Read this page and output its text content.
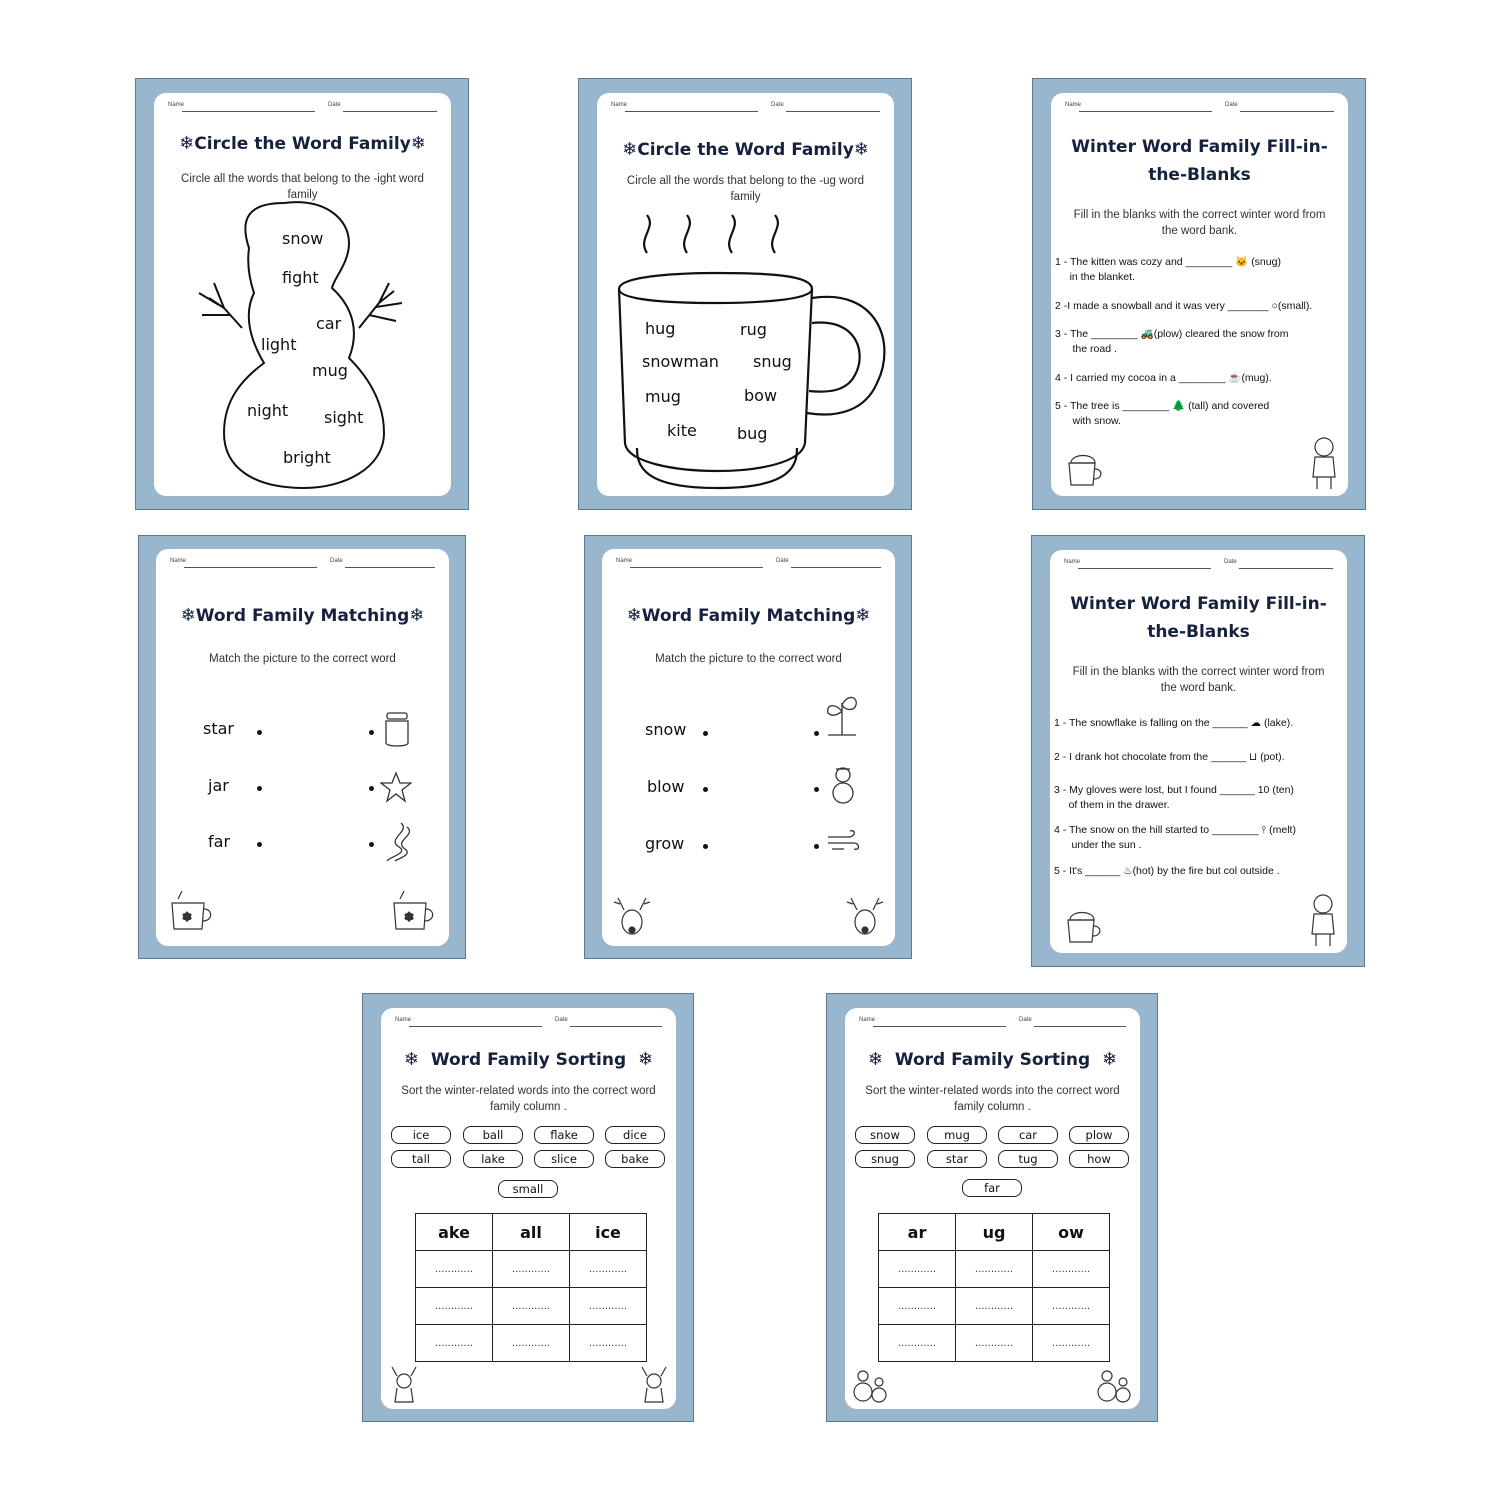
Name	Date
❄Circle the Word Family❄
Circle all the words that belong to the -ight word family
snow
fight
car
light
mug
night sight
bright
Name	Date
❄Circle the Word Family❄
Circle all the words that belong to the -ug word family
hug	rug
snowman snug
mug	bow
kite	bug
Name	Date
Winter Word Family Fill-in-the-Blanks
Fill in the blanks with the correct winter word from the word bank.
1 - The kitten was cozy and ________ 🐱 (snug)
in the blanket.
2 -I made a snowball and it was very _______ ○(small).
3 - The ________ 🚜(plow) cleared the snow from
the road .
4 - I carried my cocoa in a ________ ☕(mug).
5 - The tree is ________ 🌲 (tall) and covered
with snow.
Name	Date
❄Word Family Matching❄
Match the picture to the correct word
star
jar
far
❄	❄
Name	Date
❄Word Family Matching❄
Match the picture to the correct word
snow
blow
grow
Name	Date
Winter Word Family Fill-in-the-Blanks
Fill in the blanks with the correct winter word from the word bank.
1 - The snowflake is falling on the ______ ☁ (lake).
2 - I drank hot chocolate from the ______ ⊔ (pot).
3 - My gloves were lost, but I found ______ 10 (ten)
of them in the drawer.
4 - The snow on the hill started to ________ ⫯ (melt)
under the sun .
5 - It's ______ ♨(hot) by the fire but col outside .
Name	Date
❄ Word Family Sorting ❄
Sort the winter-related words into the correct word family column .
ice	ball	flake	dice
tall	lake	slice	bake
small
ake	all	ice
............	............	............
............	............	............
............	............	............
Name	Date
❄ Word Family Sorting ❄
Sort the winter-related words into the correct word family column .
snow	mug	car	plow
snug	star	tug	how
far
ar	ug	ow
............	............	............
............	............	............
............	............	............
